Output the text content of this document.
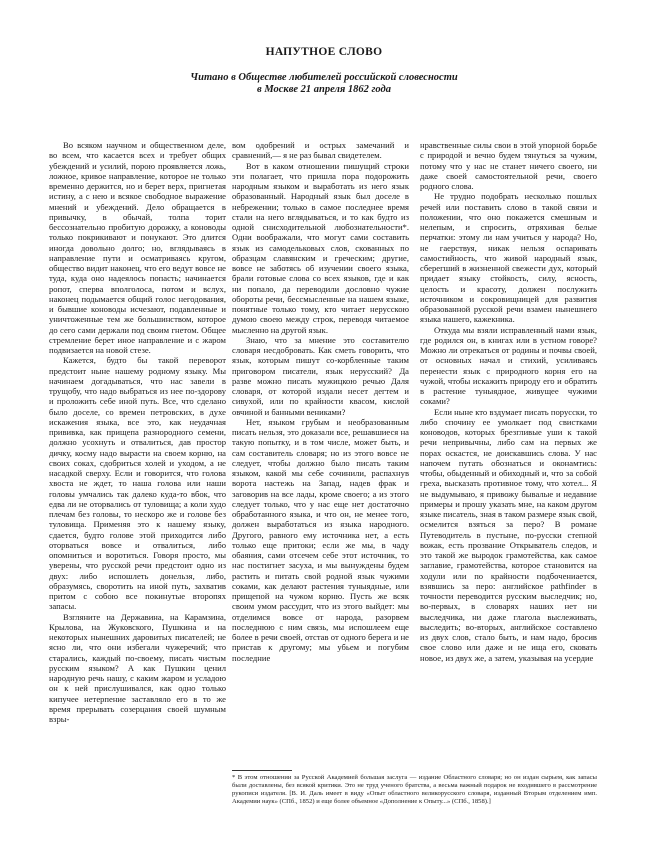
НАПУТНОЕ СЛОВО
Читано в Обществе любителей российской словесности
в Москве 21 апреля 1862 года

Во всяком научном и общественном деле, во всем, что касается всех и требует общих убеждений и усилий, порою проявляется ложь, ложное, кривое направление, которое не только временно держится, но и берет верх, пригнетая истину, а с нею и всякое свободное выражение мнений и убеждений. Дело обращается в привычку, в обычай, толпа торит бессознательно пробитую дорожку, а коноводы только покрикивают и понукают. Это длится иногда довольно долго; но, вглядываясь в направление пути и осматриваясь кругом, общество видит наконец, что его ведут вовсе не туда, куда оно надеялось попасть; начинается ропот, сперва вполголоса, потом и вслух, наконец подымается общий голос негодования, и бывшие коноводы исчезают, подавленные и уничтоженные тем же большинством, которое до сего сами держали под своим гнетом. Общее стремление берет иное направление и с жаром подвизается на новой стезе.

Кажется, будто бы такой переворот предстоит ныне нашему родному языку. Мы начинаем догадываться, что нас завели в трущобу, что надо выбраться из нее по-здорову и проложить себе иной путь. Все, что сделано было доселе, со времен петровских, в духе искажения языка, все это, как неудачная прививка, как прищепа разнородного семени, должно усохнуть и отвалиться, дав простор дичку, косму надо вырасти на своем корню, на своих соках, сдобриться холей и уходом, а не насадкой сверху. Если и говорится, что голова хвоста не ждет, то наша голова или наши головы умчались так далеко куда-то вбок, что едва ли не оторвались от туловища; а коли худо плечам без головы, то нескоро же и голове без туловища. Применяя это к нашему языку, сдается, будто голове этой приходится либо оторваться вовсе и отвалиться, либо опомниться и воротиться. Говоря просто, мы уверены, что русской речи предстоит одно из двух: либо испошлеть донельзя, либо, образумясь, своротить на иной путь, захватив притом с собою все покинутые второпях запасы.

Взгляните на Державина, на Карамзина, Крылова, на Жуковского, Пушкина и на некоторых нынешних даровитых писателей; не ясно ли, что они избегали чужеречий; что старались, каждый по-своему, писать чистым русским языком? А как Пушкин ценил народную речь нашу, с каким жаром и усладою он к ней прислушивался, как одно только кипучее нетерпение заставляло его в то же время прерывать созерцания своей шумным взры-

вом одобрений и острых замечаний и сравнений,— я не раз бывал свидетелем.

Вот в каком отношении пишущий строки эти полагает, что пришла пора подорожить народным языком и выработать из него язык образованный. Народный язык был доселе в небрежении; только в самое последнее время стали на него вглядываться, и то как будто из одной снисходительной любознательности*. Одни воображали, что могут сами составить язык из самодельковых слов, скованных по образцам славянским и греческим; другие, вовсе не заботясь об изучении своего языка, брали готовые слова со всех языков, где и как ни попало, да переводили дословно чужие обороты речи, бессмысленные на нашем языке, понятные только тому, кто читает нерусскою думою своею между строк, переводя читаемое мысленно на другой язык.

Знаю, что за мнение это составителю словаря несдобровать. Как сметь говорить, что язык, которым пишут со-корбленные таким приговором писатели, язык нерусский? Да разве можно писать мужицкою речью Даля словаря, от которой издали несет дегтем и сивухой, или по крайности квасом, кислой овчиной и банными вениками?

Нет, языком грубым и необразованным писать нельзя, это доказали все, решавшиеся на такую попытку, и в том числе, может быть, и сам составитель словаря; но из этого вовсе не следует, чтобы должно было писать таким языком, какой мы себе сочинили, распахнув ворота настежь на Запад, надев фрак и заговорив на все лады, кроме своего; а из этого следует только, что у нас еще нет достаточно обработанного языка, и что он, не менее того, должен выработаться из языка народного. Другого, равного ему источника нет, а есть только еще притоки; если же мы, в чаду обаяния, сами отсечем себе этот источник, то нас постигнет засуха, и мы вынуждены будем растить и питать свой родной язык чужими соками, как делают растения туныядные, или прищепой на чужом корню. Пусть же всяк своим умом рассудит, что из этого выйдет: мы отделимся вовсе от народа, разорвем последнюю с ним связь, мы испошлеем еще более в речи своей, отстав от одного берега и не пристав к другому; мы убьем и погубим последние

нравственные силы свои в этой упорной борьбе с природой и вечно будем тянуться за чужим, потому что у нас не станет ничего своего, ни даже своей самостоятельной речи, своего родного слова.

Не трудно подобрать несколько пошлых речей или поставить слово в такой связи и положении, что оно покажется смешным и нелепым, и спросить, отряхивая белые перчатки: этому ли нам учиться у народа? Но, не гаерствуя, никак нельзя оспаривать самостийность, что живой народный язык, сберегший в жизненной свежести дух, который придает языку стойкость, силу, ясность, целость и красоту, должен послужить источником и сокровищницей для развития образованной русской речи взамен нынешнего языка нашего, кажекника.

Откуда мы взяли исправленный нами язык, где родился он, в книгах или в устном говоре? Можно ли отрекаться от родины и почвы своей, от основных начал и стихий, усиливаясь перенести язык с природного корня его на чужой, чтобы искажить природу его и обратить в растение туныядное, живущее чужими соками?

Если ныне кто вздумает писать порусски, то либо спочину ее умолкает под свистками коноводов, которых брезгливые уши к такой речи непривычны, либо сам на первых же порах оскастся, не доискавшись слова. У нас напочем путать обознаться и оконамтись: чтобы, обыденный и обиходный и, что за собой греха, высказать противное тому, что хотел... Я не выдумываю, я привожу бывалые и недавние примеры и прошу указать мне, на каком другом языке писатель, зная в таком размере язык свой, осмелится взяться за перо? В романе Путеводитель в пустыне, по-русски степной вожак, есть прозвание Открыватель следов, и это такой же выродок грамотейства, как самое заглавие, грамотейства, которое становится на ходули или по крайности подбочениается, взявшись за перо: английское pathfinder в точности переводится русским выследчик; но, во-первых, в словарях наших нет ни выследчика, ни даже глагола выслеживать, выследить; во-вторых, английское составлено из двух слов, стало быть, и нам надо, бросив свое слово или даже и не ища его, сковать новое, из двух же, а затем, указывая на усердие

* В этом отношении за Русской Академией большая заслуга — издание Областного словаря; но он издан сырьем, как запасы были доставлены, без всякой критики. Это не труд ученого братства, а весьма важный подарок не входившего в рассмотрение рукописи издателя. [В. И. Даль имеет в виду «Опыт областного великорусского словаря, изданный Вторым отделением имп. Академии наук» (СПб., 1852) и еще более объемное «Дополнение к Опыту...» (СПб., 1858).]
